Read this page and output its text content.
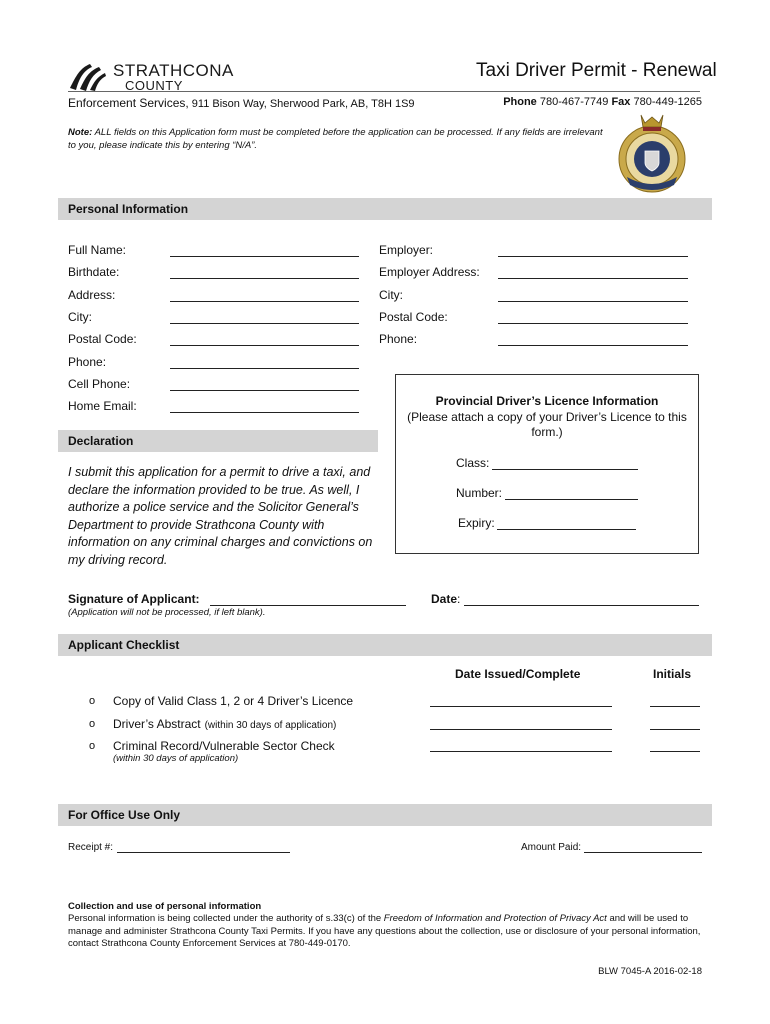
STRATHCONA
COUNTY
Taxi Driver Permit - Renewal
Enforcement Services, 911 Bison Way, Sherwood Park, AB, T8H 1S9	Phone 780-467-7749 Fax 780-449-1265
Note: ALL fields on this Application form must be completed before the application can be processed. If any fields are irrelevant to you, please indicate this by entering “N/A”.
Personal Information
Full Name:
Birthdate:
Address:
City:
Postal Code:
Phone:
Cell Phone:
Home Email:
Employer:
Employer Address:
City:
Postal Code:
Phone:
Provincial Driver’s Licence Information
(Please attach a copy of your Driver’s Licence to this form.)
Class:
Number:
Expiry:
Declaration
I submit this application for a permit to drive a taxi, and declare the information provided to be true. As well, I authorize a police service and the Solicitor General’s Department to provide Strathcona County with information on any criminal charges and convictions on my driving record.
Signature of Applicant:
(Application will not be processed, if left blank).
Date:
Applicant Checklist
Date Issued/Complete	Initials
o Copy of Valid Class 1, 2 or 4 Driver’s Licence
o Driver’s Abstract (within 30 days of application)
o Criminal Record/Vulnerable Sector Check
(within 30 days of application)
For Office Use Only
Receipt #:	Amount Paid:
Collection and use of personal information
Personal information is being collected under the authority of s.33(c) of the Freedom of Information and Protection of Privacy Act and will be used to manage and administer Strathcona County Taxi Permits. If you have any questions about the collection, use or disclosure of your personal information, contact Strathcona County Enforcement Services at 780-449-0170.
BLW 7045-A 2016-02-18
